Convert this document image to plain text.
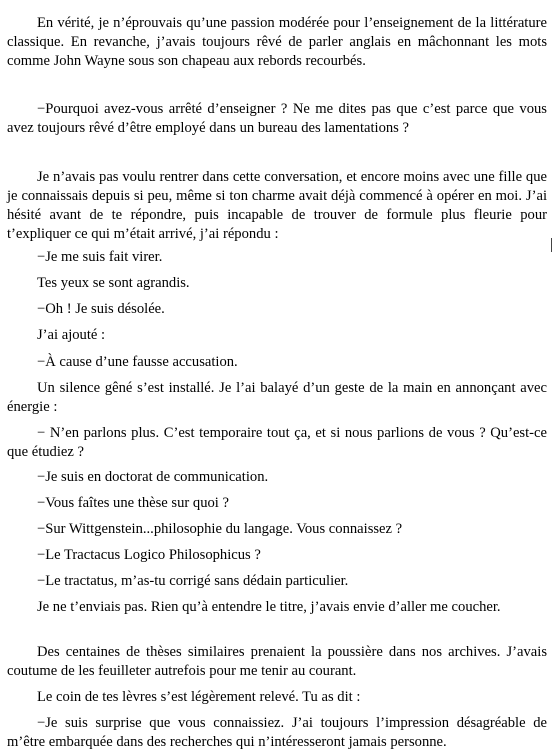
En vérité, je n’éprouvais qu’une passion modérée pour l’enseignement de la littérature classique. En revanche, j’avais toujours rêvé de parler anglais en mâchonnant les mots comme John Wayne sous son chapeau aux rebords recourbés.

−Pourquoi avez-vous arrêté d’enseigner ? Ne me dites pas que c’est parce que vous avez toujours rêvé d’être employé dans un bureau des lamentations ?

Je n’avais pas voulu rentrer dans cette conversation, et encore moins avec une fille que je connaissais depuis si peu, même si ton charme avait déjà commencé à opérer en moi. J’ai hésité avant de te répondre, puis incapable de trouver de formule plus fleurie pour t’expliquer ce qui m’était arrivé, j’ai répondu :

−Je me suis fait virer.

Tes yeux se sont agrandis.

−Oh ! Je suis désolée.

J’ai ajouté :

−À cause d’une fausse accusation.

Un silence gêné s’est installé. Je l’ai balayé d’un geste de la main en annonçant avec énergie :

− N’en parlons plus. C’est temporaire tout ça, et si nous parlions de vous ? Qu’est-ce que étudiez ?

−Je suis en doctorat de communication.

−Vous faîtes une thèse sur quoi ?

−Sur Wittgenstein...philosophie du langage. Vous connaissez ?

−Le Tractacus Logico Philosophicus ?

−Le tractatus, m’as-tu corrigé sans dédain particulier.

Je ne t’enviais pas. Rien qu’à entendre le titre, j’avais envie d’aller me coucher.

Des centaines de thèses similaires prenaient la poussière dans nos archives. J’avais coutume de les feuilleter autrefois pour me tenir au courant.

Le coin de tes lèvres s’est légèrement relevé. Tu as dit :

−Je suis surprise que vous connaissiez. J’ai toujours l’impression désagréable de m’être embarquée dans des recherches qui n’intéresseront jamais personne.
